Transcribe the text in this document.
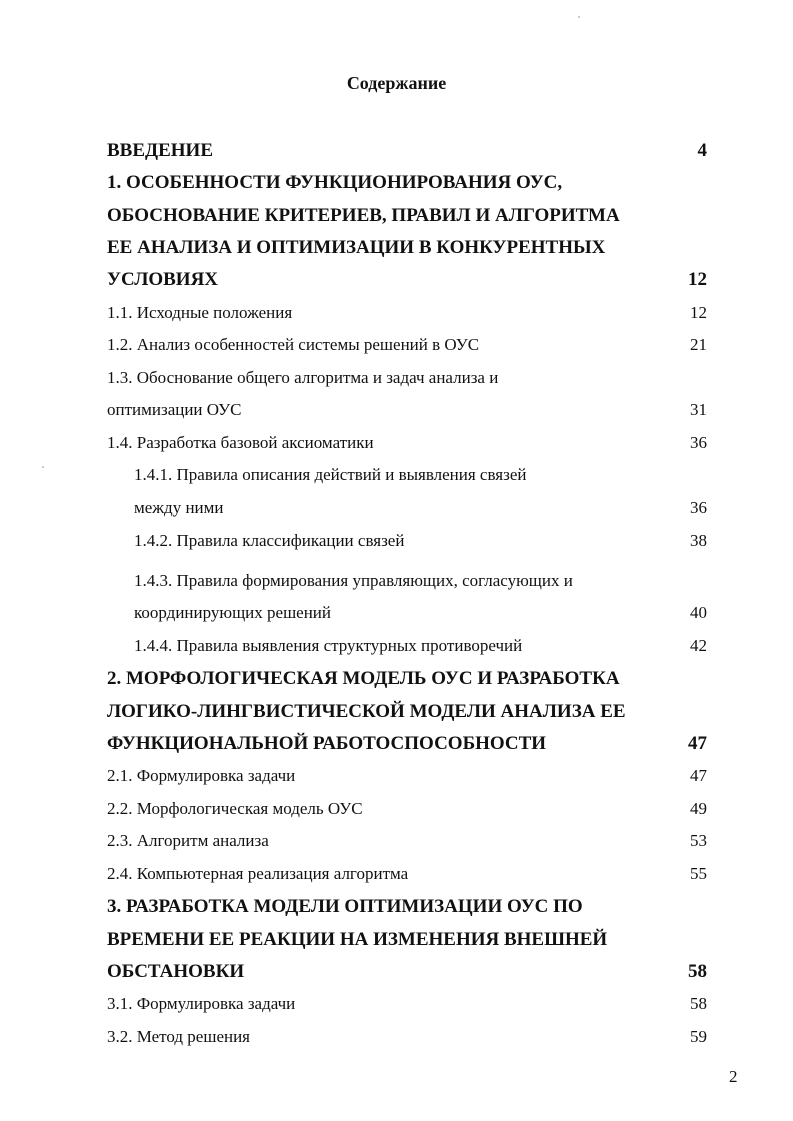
Содержание
ВВЕДЕНИЕ	4
1. ОСОБЕННОСТИ ФУНКЦИОНИРОВАНИЯ ОУС,
ОБОСНОВАНИЕ КРИТЕРИЕВ, ПРАВИЛ И АЛГОРИТМА
ЕЕ АНАЛИЗА И ОПТИМИЗАЦИИ В КОНКУРЕНТНЫХ
УСЛОВИЯХ	12
1.1. Исходные положения	12
1.2. Анализ особенностей системы решений в ОУС	21
1.3. Обоснование общего алгоритма и задач анализа и
оптимизации ОУС	31
1.4. Разработка базовой аксиоматики	36
1.4.1. Правила описания действий и выявления связей
между ними	36
1.4.2. Правила классификации связей	38
1.4.3. Правила формирования управляющих, согласующих и
координирующих решений	40
1.4.4. Правила выявления структурных противоречий	42
2. МОРФОЛОГИЧЕСКАЯ МОДЕЛЬ ОУС И РАЗРАБОТКА
ЛОГИКО-ЛИНГВИСТИЧЕСКОЙ МОДЕЛИ АНАЛИЗА ЕЕ
ФУНКЦИОНАЛЬНОЙ РАБОТОСПОСОБНОСТИ	47
2.1. Формулировка задачи	47
2.2. Морфологическая модель ОУС	49
2.3. Алгоритм анализа	53
2.4. Компьютерная реализация алгоритма	55
3. РАЗРАБОТКА МОДЕЛИ ОПТИМИЗАЦИИ ОУС ПО
ВРЕМЕНИ ЕЕ РЕАКЦИИ НА ИЗМЕНЕНИЯ ВНЕШНЕЙ
ОБСТАНОВКИ	58
3.1. Формулировка задачи	58
3.2. Метод решения	59
2
